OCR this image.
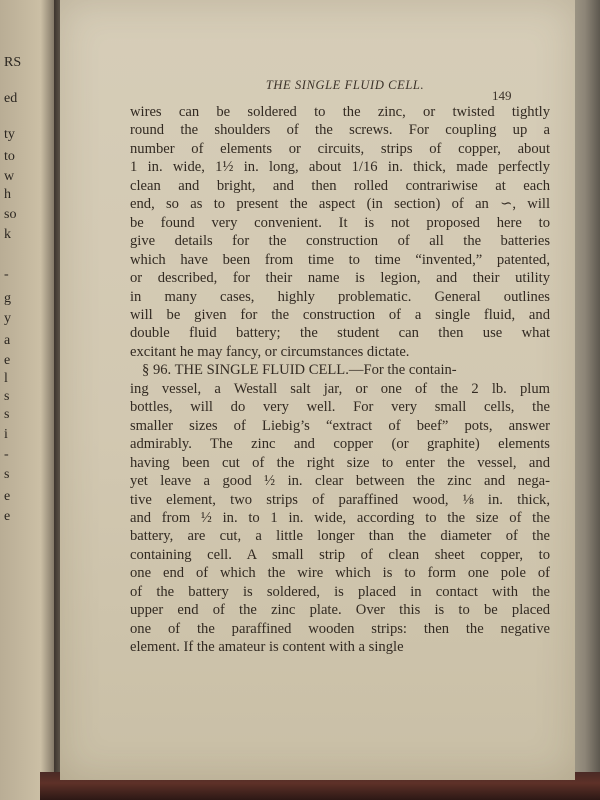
RS
ed
ty
to
w
h
so
k
-
g
y
a
e
l
s
s
i
-
s
e
e
THE SINGLE FLUID CELL.
149
wires can be soldered to the zinc, or twisted tightly
round the shoulders of the screws. For coupling up a
number of elements or circuits, strips of copper, about
1 in. wide, 1½ in. long, about 1/16 in. thick, made perfectly
clean and bright, and then rolled contrariwise at each
end, so as to present the aspect (in section) of an ∽, will
be found very convenient. It is not proposed here to
give details for the construction of all the batteries
which have been from time to time “invented,” patented,
or described, for their name is legion, and their utility
in many cases, highly problematic. General outlines
will be given for the construction of a single fluid, and
double fluid battery; the student can then use what
excitant he may fancy, or circumstances dictate.
§ 96. THE SINGLE FLUID CELL.—For the contain-
ing vessel, a Westall salt jar, or one of the 2 lb. plum
bottles, will do very well. For very small cells, the
smaller sizes of Liebig’s “extract of beef” pots, answer
admirably. The zinc and copper (or graphite) elements
having been cut of the right size to enter the vessel, and
yet leave a good ½ in. clear between the zinc and nega-
tive element, two strips of paraffined wood, ⅛ in. thick,
and from ½ in. to 1 in. wide, according to the size of the
battery, are cut, a little longer than the diameter of the
containing cell. A small strip of clean sheet copper, to
one end of which the wire which is to form one pole of
of the battery is soldered, is placed in contact with the
upper end of the zinc plate. Over this is to be placed
one of the paraffined wooden strips: then the negative
element. If the amateur is content with a single
